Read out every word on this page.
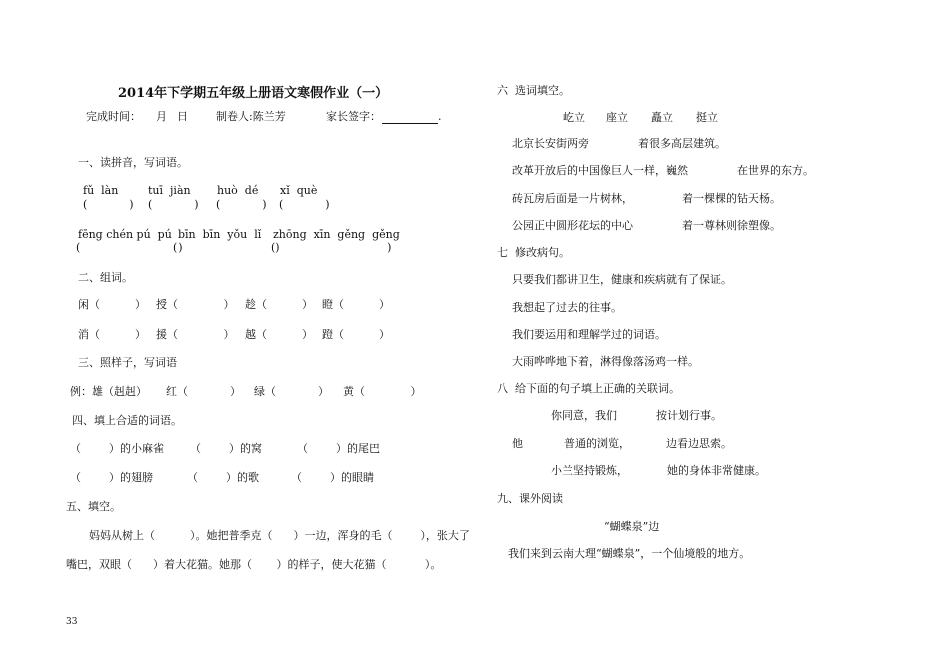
2014年下学期五年级上册语文寒假作业（一）
完成时间： 月 日	制卷人:陈兰芳	家长签字：	.
一、读拼音，写词语。
fǔ  làn	tuī  jiàn huò  dé xǐ  què
(            ) (            ) (            ) (            )
fēng chén pú  pú bīn  bīn  yǒu  lǐ zhōng  xīn  gěng  gěng
(                            )
(                            )
(                                )
二、组词。
闲（          ） 授（             ） 趁（          ） 瞪（          ）
消（          ） 援（             ） 越（          ） 蹬（          ）
三、照样子，写词语
例：雄（赳赳） 红（            ） 绿（            ） 黄（             ）
四、填上合适的词语。
（        ）的小麻雀 （        ）的窝	（        ）的尾巴
（        ）的翅膀	（        ）的歌	（        ）的眼睛
五、填空。
妈妈从树上（          ）。她把普季克（      ）一边，浑身的毛（        ），张大了
嘴巴，双眼（      ）着大花猫。她那（       ）的样子，使大花猫（           ）。
33
六  选词填空。
屹立 座立 矗立 挺立
北京长安街两旁              着很多高层建筑。
改革开放后的中国像巨人一样，巍然              在世界的东方。
砖瓦房后面是一片树林，              着一棵棵的钻天杨。
公园正中圆形花坛的中心              着一尊林则徐塑像。
七  修改病句。
只要我们都讲卫生，健康和疾病就有了保证。
我想起了过去的往事。
我们要运用和理解学过的词语。
大雨哗哗地下着，淋得像落汤鸡一样。
八  给下面的句子填上正确的关联词。
你同意，我们	按计划行事。
他	普通的浏览，	边看边思索。
小兰坚持锻炼，	她的身体非常健康。
九、课外阅读
“蝴蝶泉”边
我们来到云南大理“蝴蝶泉”，一个仙境般的地方。
